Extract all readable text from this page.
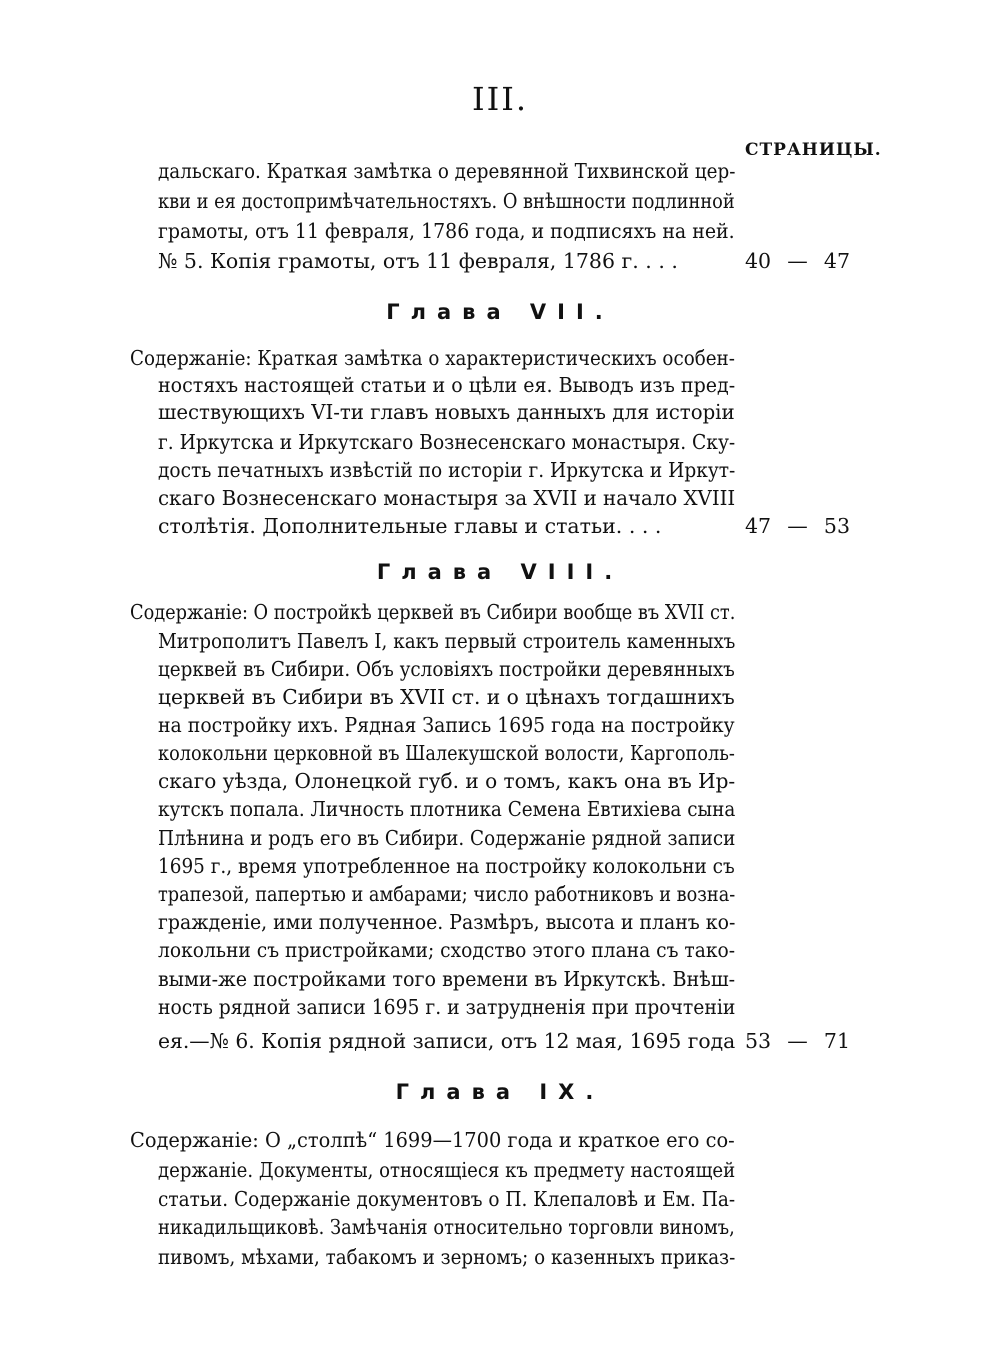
III.
СТРАНИЦЫ.
дальскаго. Краткая замѣтка о деревянной Тихвинской цер-
кви и ея достопримѣчательностяхъ. О внѣшности подлинной
грамоты, отъ 11 февраля, 1786 года, и подписяхъ на ней.
№ 5. Копія грамоты, отъ 11 февраля, 1786 г. . . .	40 — 47
Глава VII.
Содержаніе: Краткая замѣтка о характеристическихъ особен-
ностяхъ настоящей статьи и о цѣли ея. Выводъ изъ пред-
шествующихъ VI-ти главъ новыхъ данныхъ для исторіи
г. Иркутска и Иркутскаго Вознесенскаго монастыря. Ску-
дость печатныхъ извѣстій по исторіи г. Иркутска и Иркут-
скаго Вознесенскаго монастыря за XVII и начало XVIII
столѣтія. Дополнительные главы и статьи. . . .	47 — 53
Глава VIII.
Содержаніе: О постройкѣ церквей въ Сибири вообще въ XVII ст.
Митрополитъ Павелъ I, какъ первый строитель каменныхъ
церквей въ Сибири. Объ условіяхъ постройки деревянныхъ
церквей въ Сибири въ XVII ст. и о цѣнахъ тогдашнихъ
на постройку ихъ. Рядная Запись 1695 года на постройку
колокольни церковной въ Шалекушской волости, Каргополь-
скаго уѣзда, Олонецкой губ. и о томъ, какъ она въ Ир-
кутскъ попала. Личность плотника Семена Евтихіева сына
Плѣнина и родъ его въ Сибири. Содержаніе рядной записи
1695 г., время употребленное на постройку колокольни съ
трапезой, папертью и амбарами; число работниковъ и возна-
гражденіе, ими полученное. Размѣръ, высота и планъ ко-
локольни съ пристройками; сходство этого плана съ тако-
выми-же постройками того времени въ Иркутскѣ. Внѣш-
ность рядной записи 1695 г. и затрудненія при прочтеніи
ея.—№ 6. Копія рядной записи, отъ 12 мая, 1695 года 53 — 71
Глава IX.
Содержаніе: О „столпѣ“ 1699—1700 года и краткое его со-
держаніе. Документы, относящіеся къ предмету настоящей
статьи. Содержаніе документовъ о П. Клепаловѣ и Ем. Па-
никадильщиковѣ. Замѣчанія относительно торговли виномъ,
пивомъ, мѣхами, табакомъ и зерномъ; о казенныхъ приказ-
